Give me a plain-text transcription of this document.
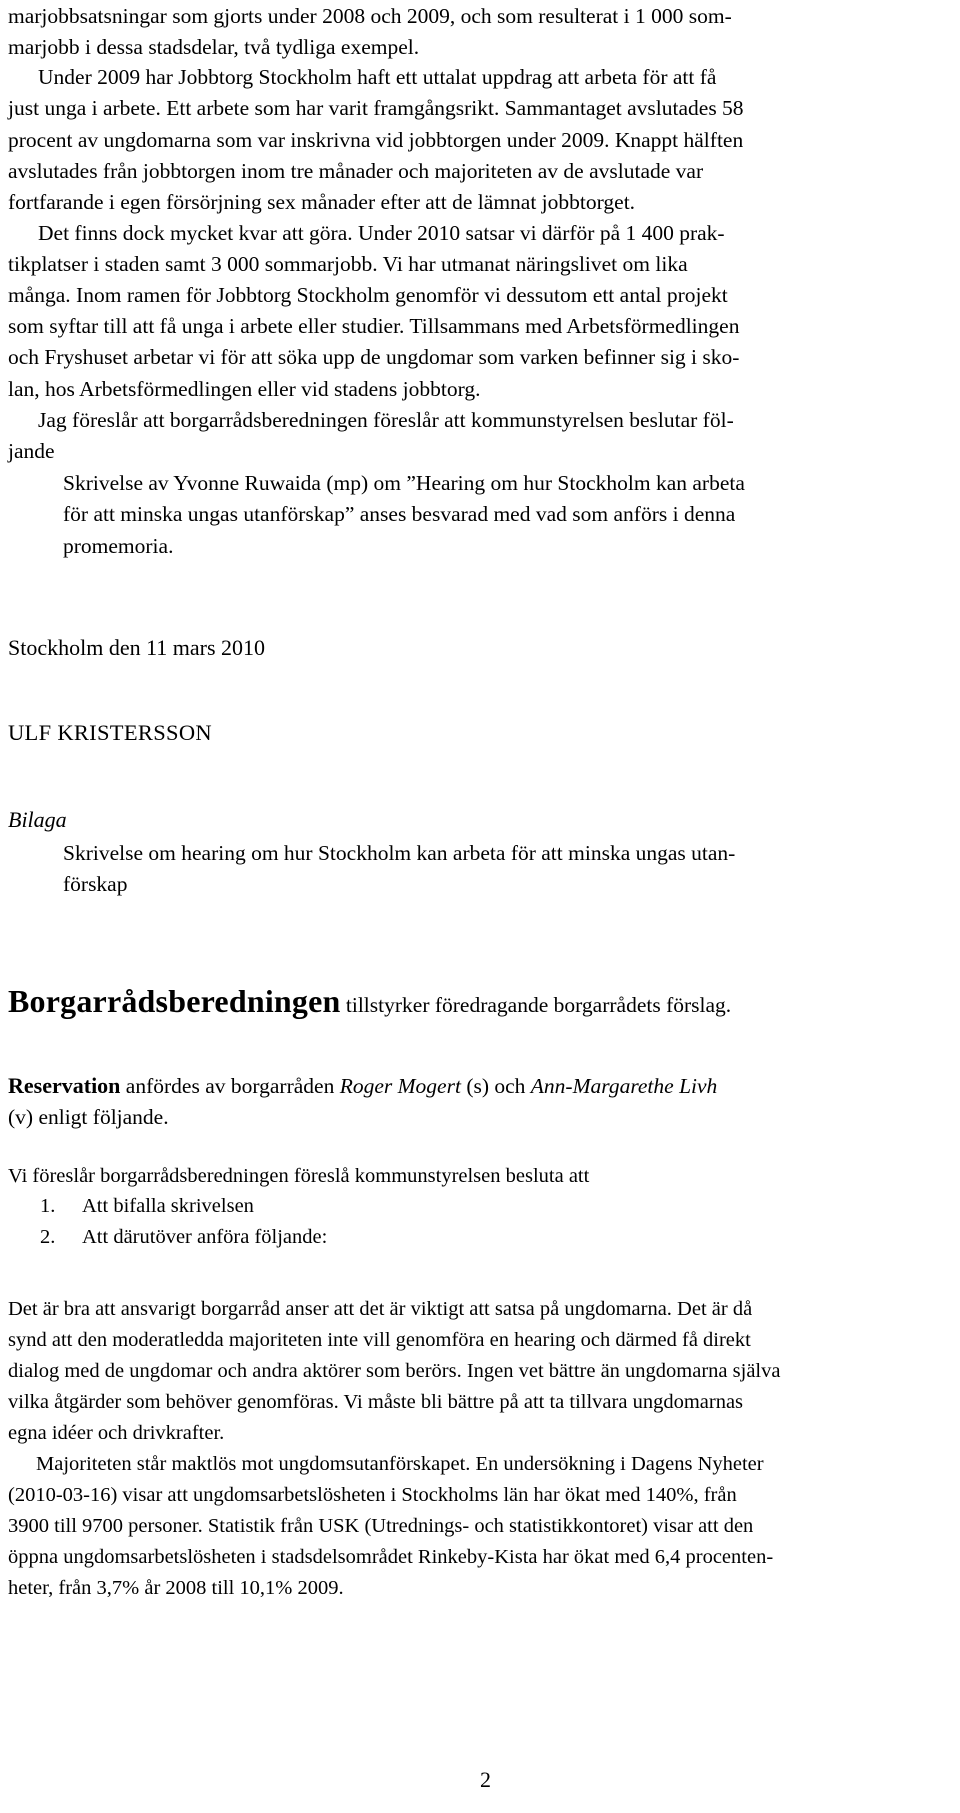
marjobbsatsningar som gjorts under 2008 och 2009, och som resulterat i 1 000 som-
marjobb i dessa stadsdelar, två tydliga exempel.
Under 2009 har Jobbtorg Stockholm haft ett uttalat uppdrag att arbeta för att få
just unga i arbete. Ett arbete som har varit framgångsrikt. Sammantaget avslutades 58
procent av ungdomarna som var inskrivna vid jobbtorgen under 2009. Knappt hälften
avslutades från jobbtorgen inom tre månader och majoriteten av de avslutade var
fortfarande i egen försörjning sex månader efter att de lämnat jobbtorget.
Det finns dock mycket kvar att göra. Under 2010 satsar vi därför på 1 400 prak-
tikplatser i staden samt 3 000 sommarjobb. Vi har utmanat näringslivet om lika
många. Inom ramen för Jobbtorg Stockholm genomför vi dessutom ett antal projekt
som syftar till att få unga i arbete eller studier. Tillsammans med Arbetsförmedlingen
och Fryshuset arbetar vi för att söka upp de ungdomar som varken befinner sig i sko-
lan, hos Arbetsförmedlingen eller vid stadens jobbtorg.
Jag föreslår att borgarrådsberedningen föreslår att kommunstyrelsen beslutar föl-
jande
Skrivelse av Yvonne Ruwaida (mp) om ”Hearing om hur Stockholm kan arbeta
för att minska ungas utanförskap” anses besvarad med vad som anförs i denna
promemoria.
Stockholm den 11 mars 2010
ULF KRISTERSSON
Bilaga
Skrivelse om hearing om hur Stockholm kan arbeta för att minska ungas utan-
förskap
Borgarrådsberedningen tillstyrker föredragande borgarrådets förslag.
Reservation anfördes av borgarråden Roger Mogert (s) och Ann-Margarethe Livh
(v) enligt följande.
Vi föreslår borgarrådsberedningen föreslå kommunstyrelsen besluta att
1. Att bifalla skrivelsen
2. Att därutöver anföra följande:
Det är bra att ansvarigt borgarråd anser att det är viktigt att satsa på ungdomarna. Det är då
synd att den moderatledda majoriteten inte vill genomföra en hearing och därmed få direkt
dialog med de ungdomar och andra aktörer som berörs. Ingen vet bättre än ungdomarna själva
vilka åtgärder som behöver genomföras. Vi måste bli bättre på att ta tillvara ungdomarnas
egna idéer och drivkrafter.
Majoriteten står maktlös mot ungdomsutanförskapet. En undersökning i Dagens Nyheter
(2010-03-16) visar att ungdomsarbetslösheten i Stockholms län har ökat med 140%, från
3900 till 9700 personer. Statistik från USK (Utrednings- och statistikkontoret) visar att den
öppna ungdomsarbetslösheten i stadsdelsområdet Rinkeby-Kista har ökat med 6,4 procenten-
heter, från 3,7% år 2008 till 10,1% 2009.
2
